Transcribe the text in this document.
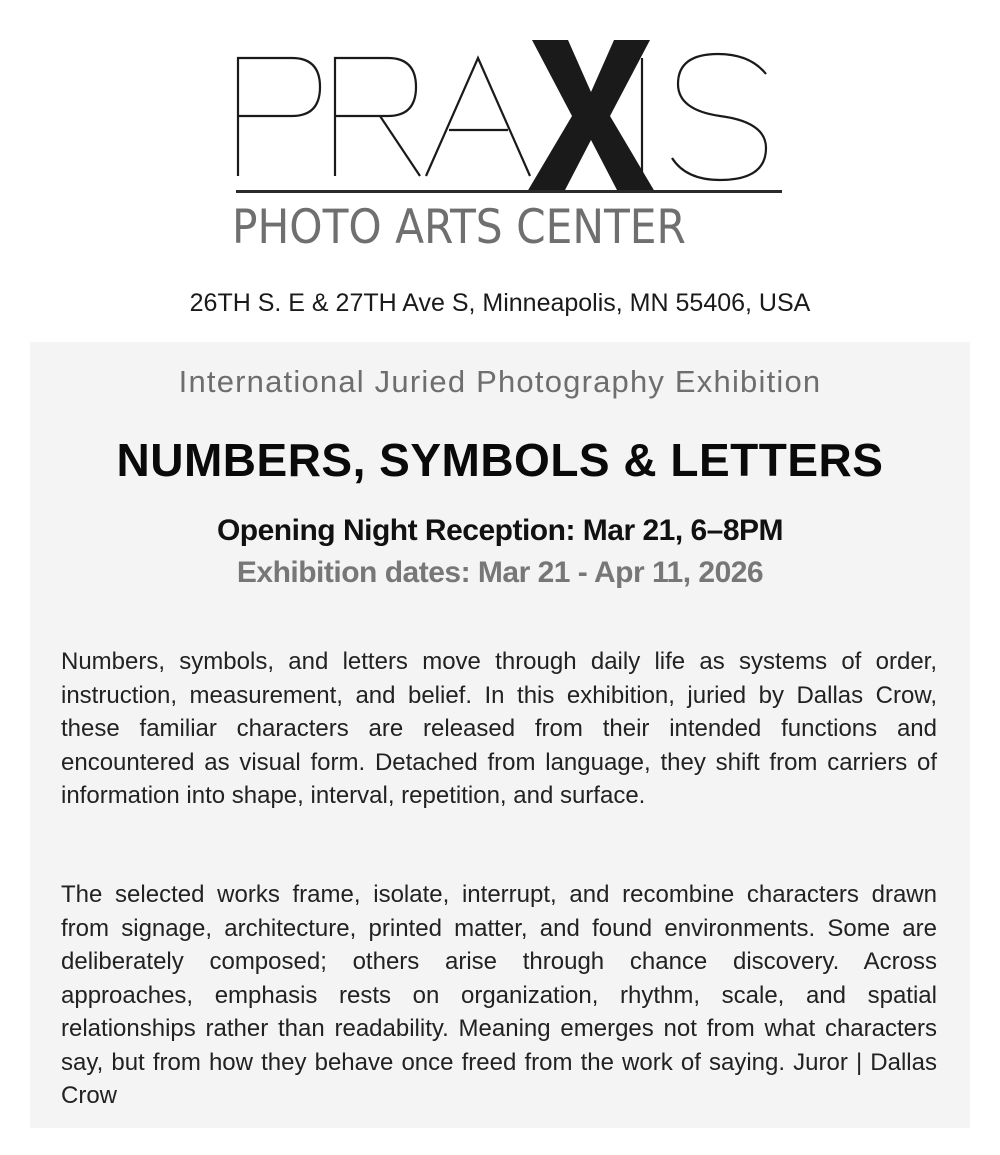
PHOTO ARTS CENTER
26TH S. E & 27TH Ave S, Minneapolis, MN 55406, USA
International Juried Photography Exhibition
NUMBERS, SYMBOLS & LETTERS
Opening Night Reception: Mar 21, 6–8PM
Exhibition dates: Mar 21 - Apr 11, 2026

Numbers, symbols, and letters move through daily life as systems of order, instruction, measurement, and belief. In this exhibition, juried by Dallas Crow, these familiar characters are released from their intended functions and encountered as visual form. Detached from language, they shift from carriers of information into shape, interval, repetition, and surface.

The selected works frame, isolate, interrupt, and recombine characters drawn from signage, architecture, printed matter, and found environments. Some are deliberately composed; others arise through chance discovery. Across approaches, emphasis rests on organization, rhythm, scale, and spatial relationships rather than readability. Meaning emerges not from what characters say, but from how they behave once freed from the work of saying. Juror | Dallas Crow
